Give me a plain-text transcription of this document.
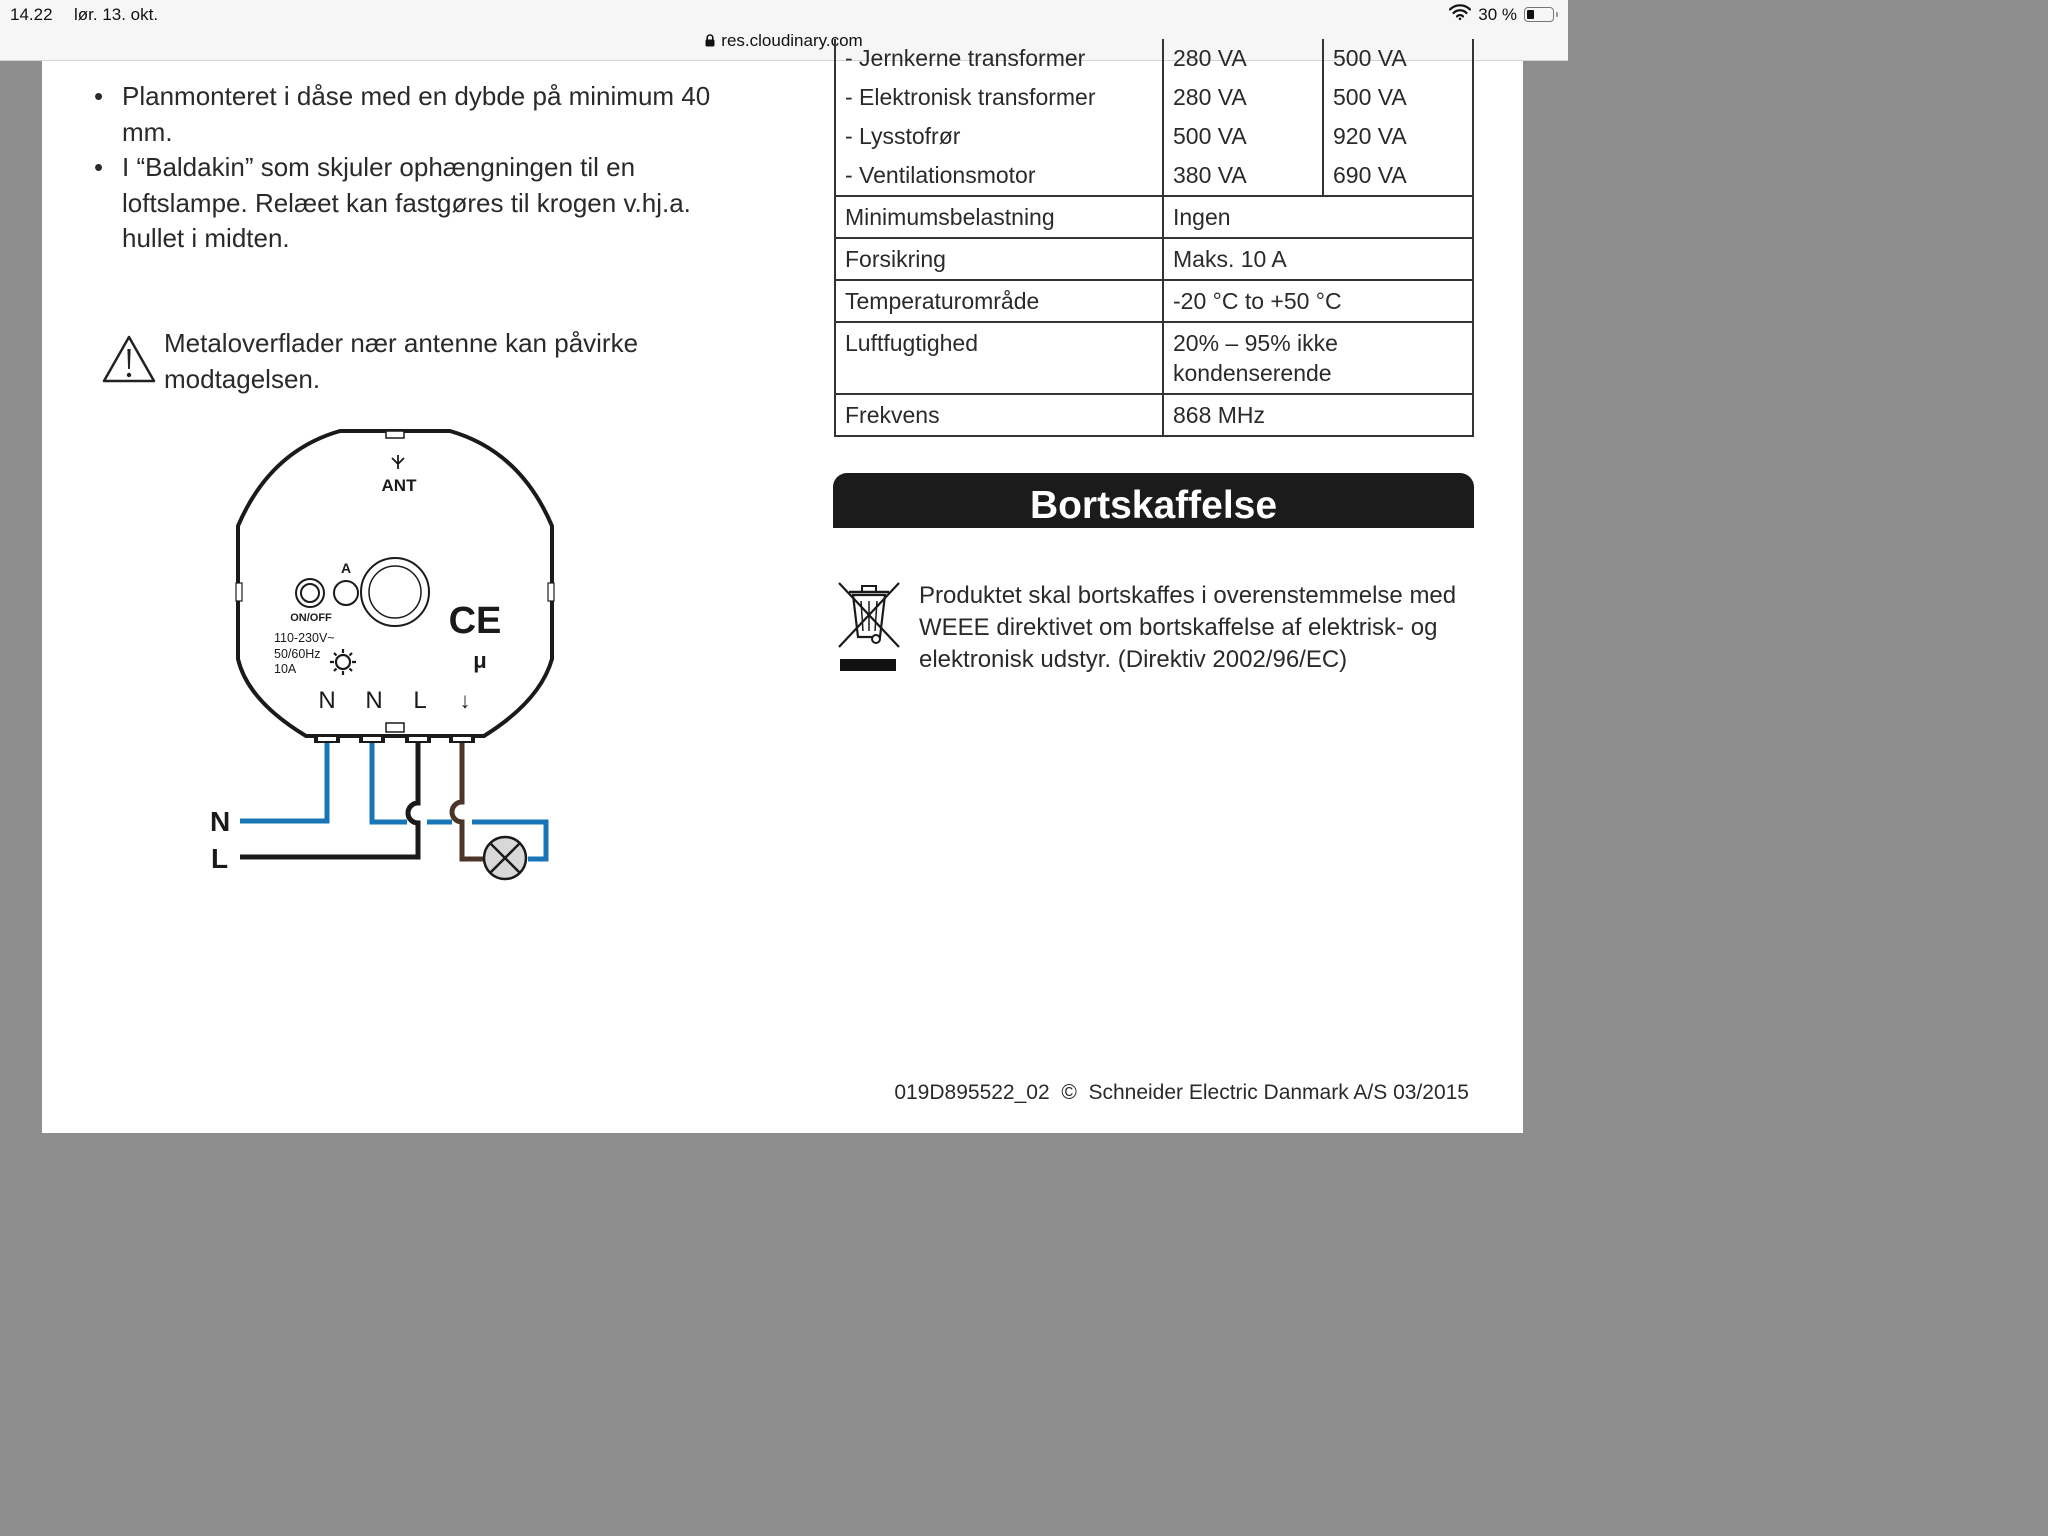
14.22 lør. 13. okt.
res.cloudinary.com
30 %
• Planmonteret i dåse med en dybde på minimum 40 mm.
• I “Baldakin” som skjuler ophængningen til en loftslampe. Relæet kan fastgøres til krogen v.hj.a. hullet i midten.
Metaloverflader nær antenne kan påvirke modtagelsen.
ANT
ON/OFF
A
110-230V~
50/60Hz
10A
CE
μ
N N L ↓
N
L
- Jernkerne transformer	280 VA	500 VA
- Elektronisk transformer	280 VA	500 VA
- Lysstofrør	500 VA	920 VA
- Ventilationsmotor	380 VA	690 VA
Minimumsbelastning	Ingen	
Forsikring	Maks. 10 A	
Temperaturområde	-20 °C to +50 °C	
Luftfugtighed	20% – 95% ikke kondenserende	
Frekvens	868 MHz	
Bortskaffelse
Produktet skal bortskaffes i overenstemmelse med WEEE direktivet om bortskaffelse af elektrisk- og elektronisk udstyr. (Direktiv 2002/96/EC)
019D895522_02  ©  Schneider Electric Danmark A/S 03/2015
